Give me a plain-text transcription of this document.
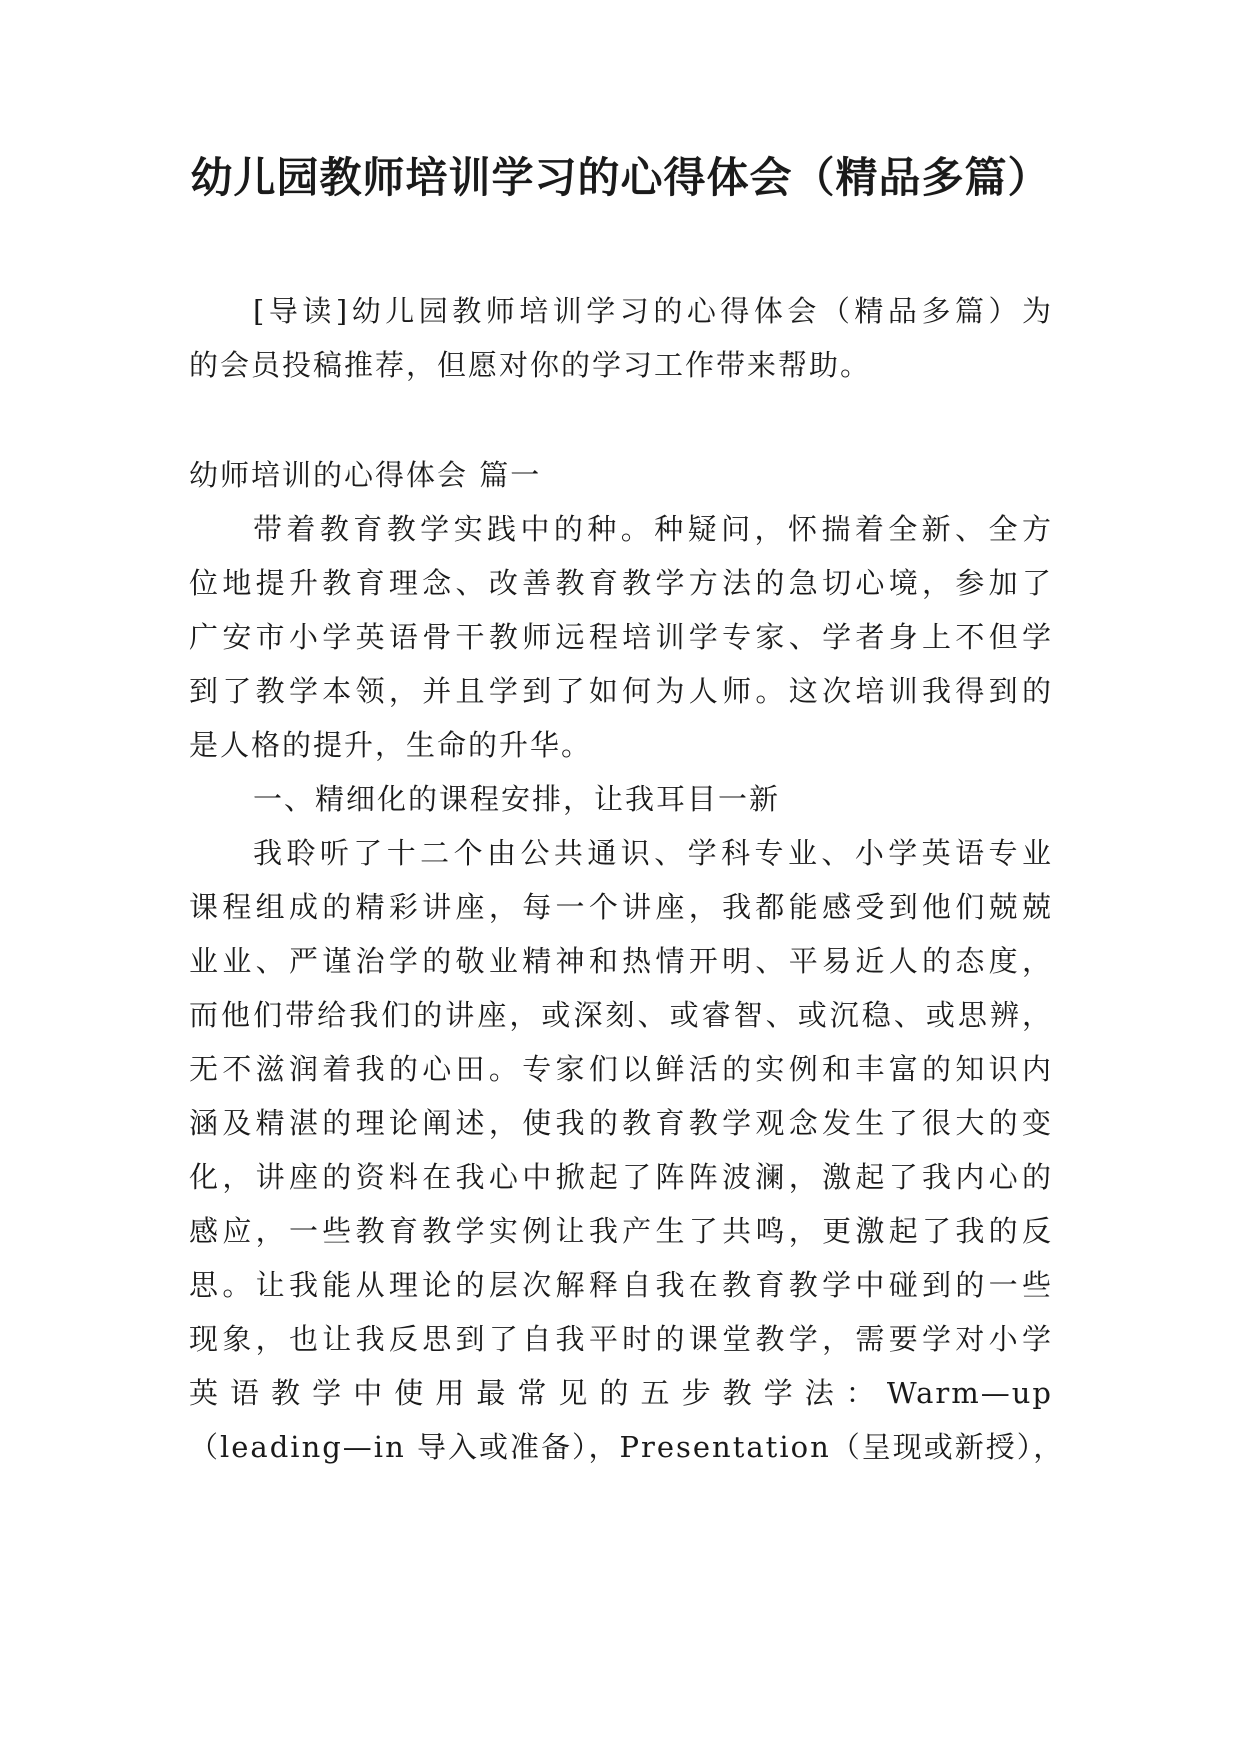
幼儿园教师培训学习的心得体会（精品多篇）

[导读]幼儿园教师培训学习的心得体会（精品多篇）为
的会员投稿推荐，但愿对你的学习工作带来帮助。

幼师培训的心得体会 篇一

带着教育教学实践中的种。种疑问，怀揣着全新、全方
位地提升教育理念、改善教育教学方法的急切心境，参加了
广安市小学英语骨干教师远程培训学专家、学者身上不但学
到了教学本领，并且学到了如何为人师。这次培训我得到的
是人格的提升，生命的升华。

一、精细化的课程安排，让我耳目一新

我聆听了十二个由公共通识、学科专业、小学英语专业
课程组成的精彩讲座，每一个讲座，我都能感受到他们兢兢
业业、严谨治学的敬业精神和热情开明、平易近人的态度，
而他们带给我们的讲座，或深刻、或睿智、或沉稳、或思辨，
无不滋润着我的心田。专家们以鲜活的实例和丰富的知识内
涵及精湛的理论阐述，使我的教育教学观念发生了很大的变
化，讲座的资料在我心中掀起了阵阵波澜，激起了我内心的
感应，一些教育教学实例让我产生了共鸣，更激起了我的反
思。让我能从理论的层次解释自我在教育教学中碰到的一些
现象，也让我反思到了自我平时的课堂教学，需要学对小学
英语教学中使用最常见的五步教学法：Warm—up
（leading—in 导入或准备），Presentation（呈现或新授），
